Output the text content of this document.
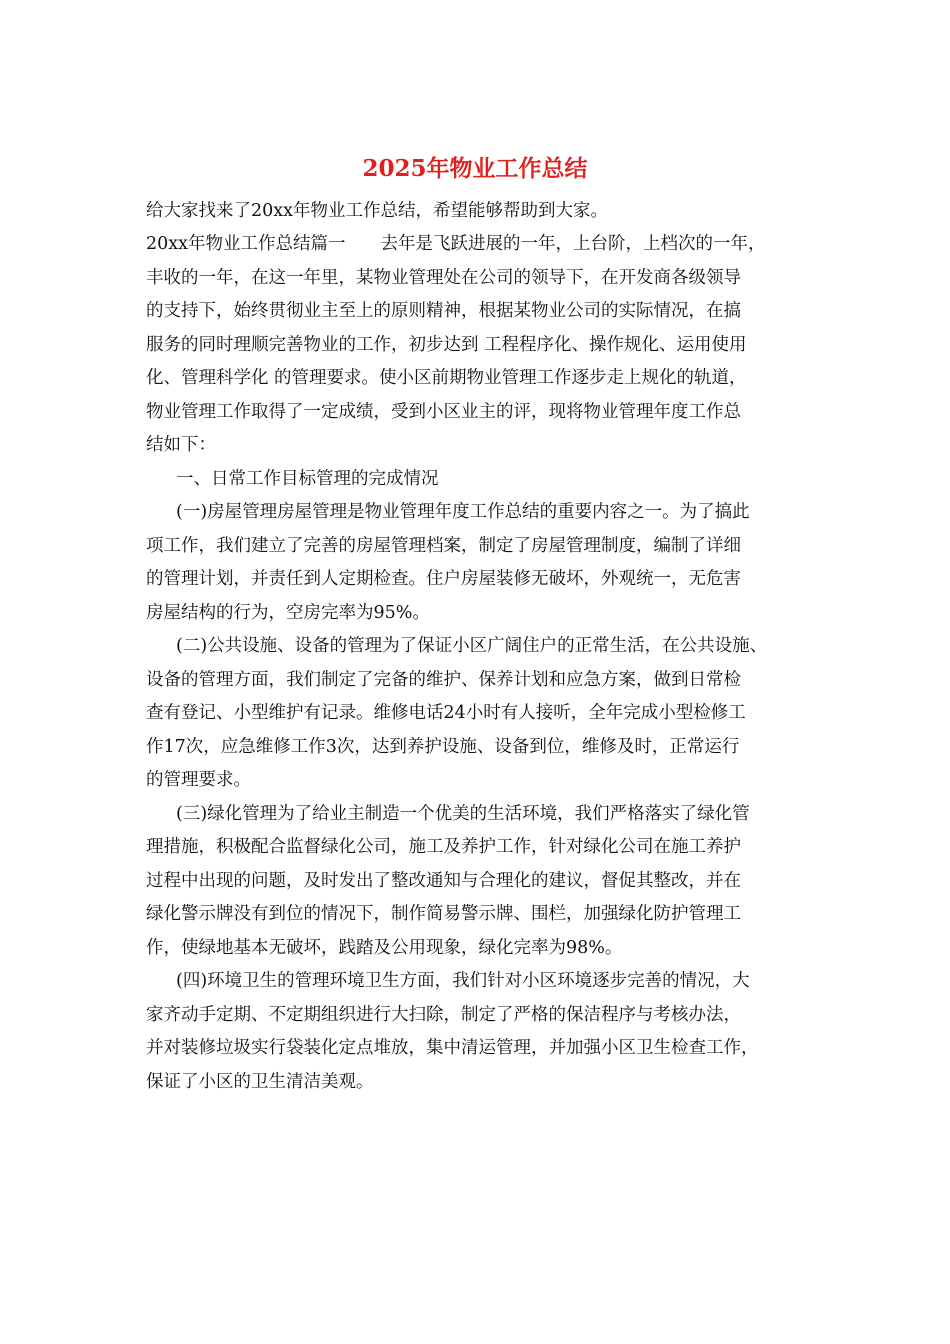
2025年物业工作总结

给大家找来了20xx年物业工作总结，希望能够帮助到大家。

20xx年物业工作总结篇一　　去年是飞跃进展的一年，上台阶，上档次的一年，

丰收的一年，在这一年里，某物业管理处在公司的领导下，在开发商各级领导

的支持下，始终贯彻业主至上的原则精神，根据某物业公司的实际情况，在搞

服务的同时理顺完善物业的工作，初步达到 工程程序化、操作规化、运用使用

化、管理科学化 的管理要求。使小区前期物业管理工作逐步走上规化的轨道，

物业管理工作取得了一定成绩，受到小区业主的评，现将物业管理年度工作总

结如下：

一、日常工作目标管理的完成情况

(一)房屋管理房屋管理是物业管理年度工作总结的重要内容之一。为了搞此

项工作，我们建立了完善的房屋管理档案，制定了房屋管理制度，编制了详细

的管理计划，并责任到人定期检查。住户房屋装修无破坏，外观统一，无危害

房屋结构的行为，空房完率为95%。

(二)公共设施、设备的管理为了保证小区广阔住户的正常生活，在公共设施、

设备的管理方面，我们制定了完备的维护、保养计划和应急方案，做到日常检

查有登记、小型维护有记录。维修电话24小时有人接听，全年完成小型检修工

作17次，应急维修工作3次，达到养护设施、设备到位，维修及时，正常运行

的管理要求。

(三)绿化管理为了给业主制造一个优美的生活环境，我们严格落实了绿化管

理措施，积极配合监督绿化公司，施工及养护工作，针对绿化公司在施工养护

过程中出现的问题，及时发出了整改通知与合理化的建议，督促其整改，并在

绿化警示牌没有到位的情况下，制作简易警示牌、围栏，加强绿化防护管理工

作，使绿地基本无破坏，践踏及公用现象，绿化完率为98%。

(四)环境卫生的管理环境卫生方面，我们针对小区环境逐步完善的情况，大

家齐动手定期、不定期组织进行大扫除，制定了严格的保洁程序与考核办法，

并对装修垃圾实行袋装化定点堆放，集中清运管理，并加强小区卫生检查工作，

保证了小区的卫生清洁美观。
